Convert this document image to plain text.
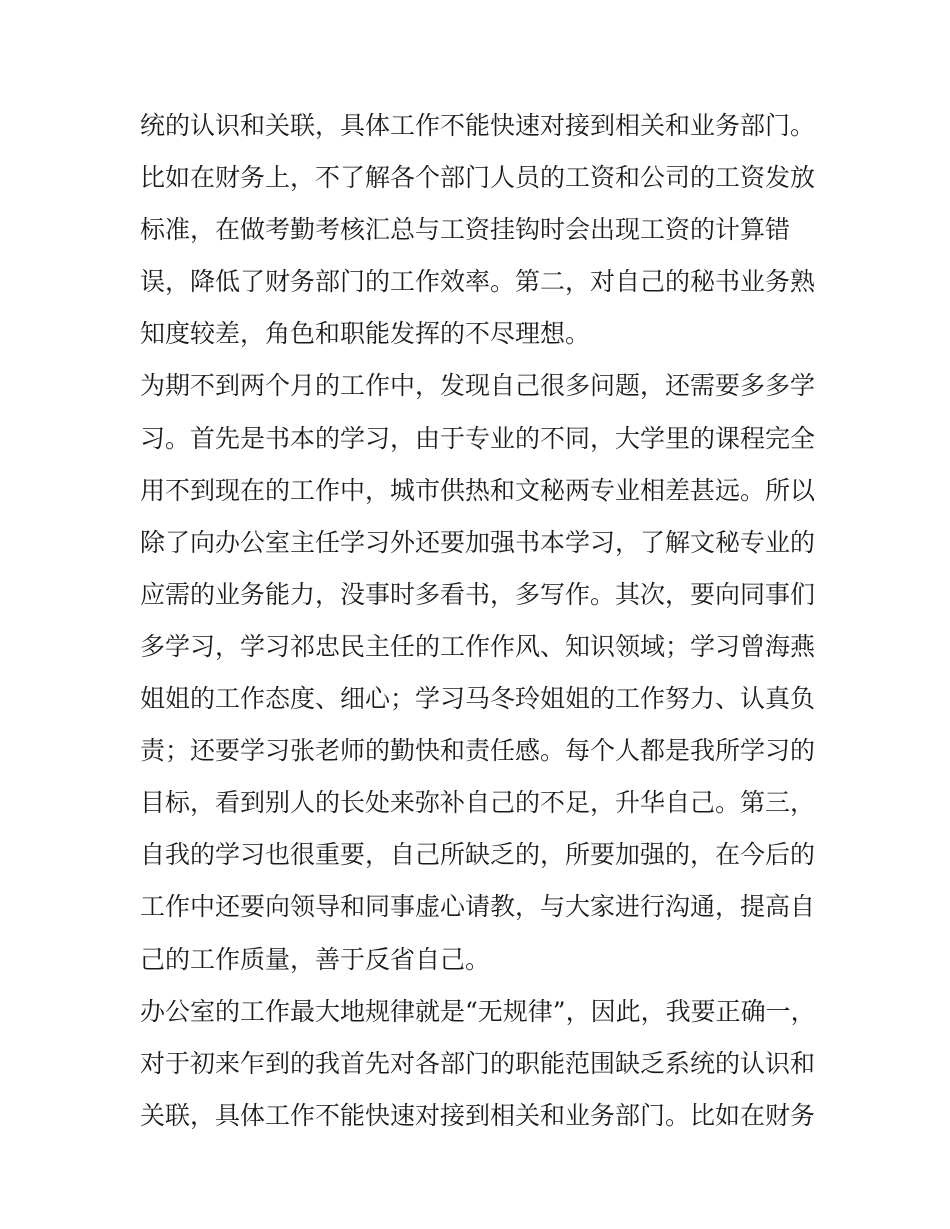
统的认识和关联，具体工作不能快速对接到相关和业务部门。

比如在财务上，不了解各个部门人员的工资和公司的工资发放

标准，在做考勤考核汇总与工资挂钩时会出现工资的计算错

误，降低了财务部门的工作效率。第二，对自己的秘书业务熟

知度较差，角色和职能发挥的不尽理想。

为期不到两个月的工作中，发现自己很多问题，还需要多多学

习。首先是书本的学习，由于专业的不同，大学里的课程完全

用不到现在的工作中，城市供热和文秘两专业相差甚远。所以

除了向办公室主任学习外还要加强书本学习，了解文秘专业的

应需的业务能力，没事时多看书，多写作。其次，要向同事们

多学习，学习祁忠民主任的工作作风、知识领域；学习曾海燕

姐姐的工作态度、细心；学习马冬玲姐姐的工作努力、认真负

责；还要学习张老师的勤快和责任感。每个人都是我所学习的

目标，看到别人的长处来弥补自己的不足，升华自己。第三，

自我的学习也很重要，自己所缺乏的，所要加强的，在今后的

工作中还要向领导和同事虚心请教，与大家进行沟通，提高自

己的工作质量，善于反省自己。

办公室的工作最大地规律就是“无规律”，因此，我要正确一，

对于初来乍到的我首先对各部门的职能范围缺乏系统的认识和

关联，具体工作不能快速对接到相关和业务部门。比如在财务
